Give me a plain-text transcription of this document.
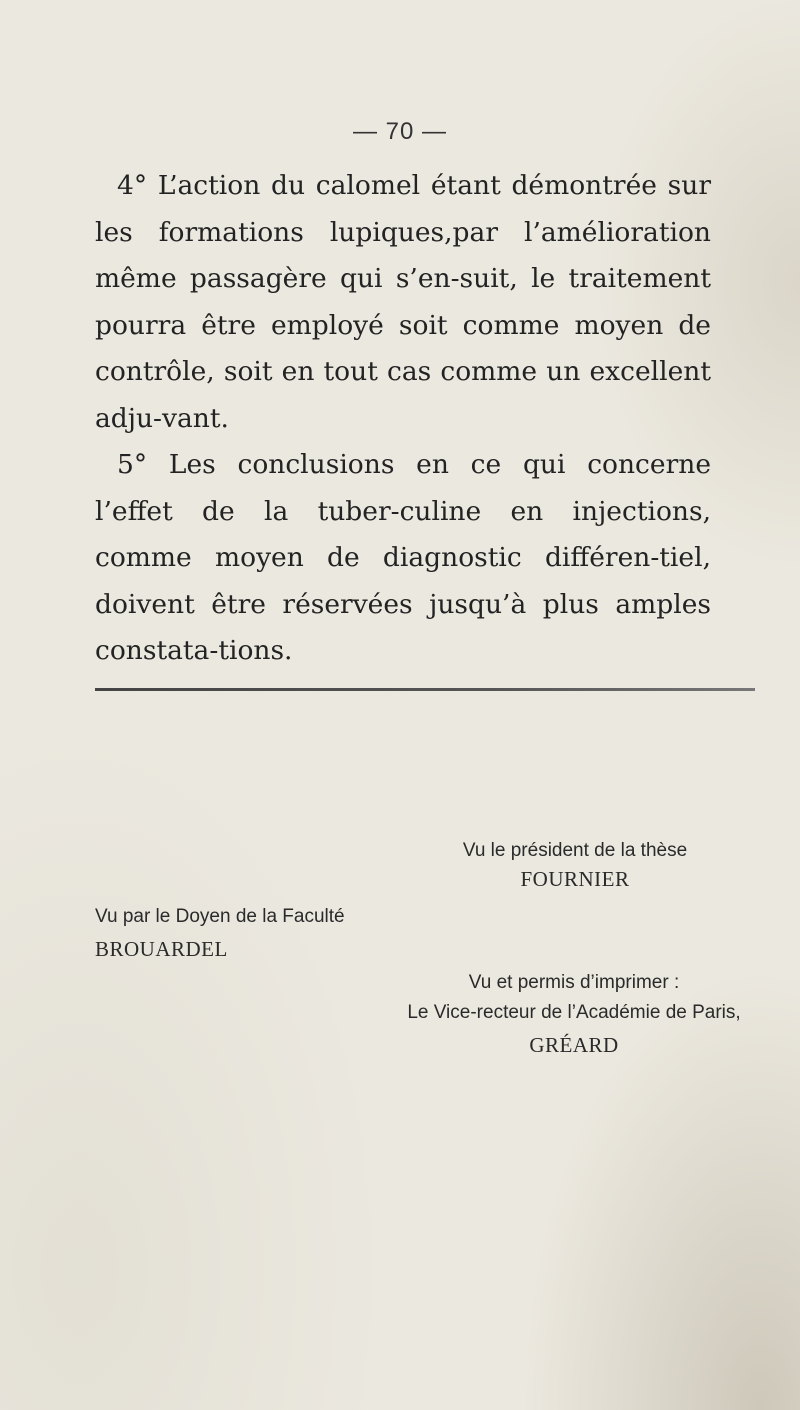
— 70 —

4° L’action du calomel étant démontrée sur les formations lupiques,par l’amélioration même passagère qui s’en-suit, le traitement pourra être employé soit comme moyen de contrôle, soit en tout cas comme un excellent adju-vant.

5° Les conclusions en ce qui concerne l’effet de la tuber-culine en injections, comme moyen de diagnostic différen-tiel, doivent être réservées jusqu’à plus amples constata-tions.

Vu le président de la thèse
FOURNIER
Vu par le Doyen de la Faculté
BROUARDEL
Vu et permis d’imprimer :
Le Vice-recteur de l’Académie de Paris,
GRÉARD
